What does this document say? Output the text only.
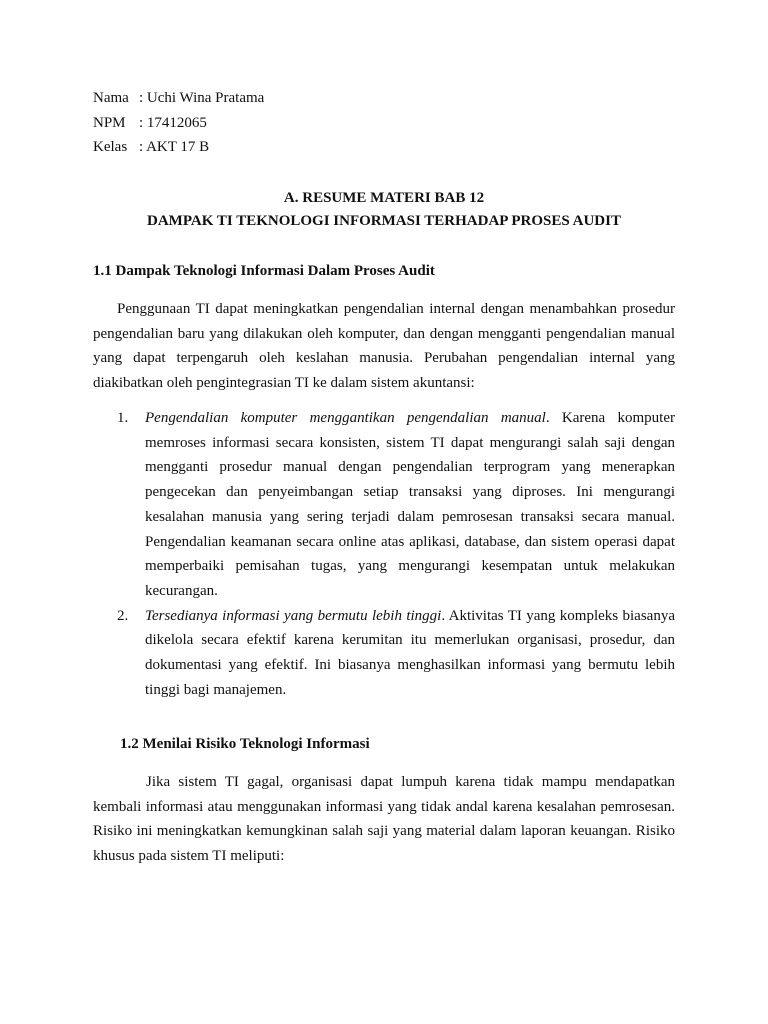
Nama : Uchi Wina Pratama
NPM : 17412065
Kelas : AKT 17 B
A. RESUME MATERI BAB 12
DAMPAK TI TEKNOLOGI INFORMASI TERHADAP PROSES AUDIT
1.1 Dampak Teknologi Informasi Dalam Proses Audit

Penggunaan TI dapat meningkatkan pengendalian internal dengan menambahkan prosedur pengendalian baru yang dilakukan oleh komputer, dan dengan mengganti pengendalian manual yang dapat terpengaruh oleh keslahan manusia. Perubahan pengendalian internal yang diakibatkan oleh pengintegrasian TI ke dalam sistem akuntansi:

1. Pengendalian komputer menggantikan pengendalian manual. Karena komputer memroses informasi secara konsisten, sistem TI dapat mengurangi salah saji dengan mengganti prosedur manual dengan pengendalian terprogram yang menerapkan pengecekan dan penyeimbangan setiap transaksi yang diproses. Ini mengurangi kesalahan manusia yang sering terjadi dalam pemrosesan transaksi secara manual. Pengendalian keamanan secara online atas aplikasi, database, dan sistem operasi dapat memperbaiki pemisahan tugas, yang mengurangi kesempatan untuk melakukan kecurangan.
2. Tersedianya informasi yang bermutu lebih tinggi. Aktivitas TI yang kompleks biasanya dikelola secara efektif karena kerumitan itu memerlukan organisasi, prosedur, dan dokumentasi yang efektif. Ini biasanya menghasilkan informasi yang bermutu lebih tinggi bagi manajemen.
1.2 Menilai Risiko Teknologi Informasi

Jika sistem TI gagal, organisasi dapat lumpuh karena tidak mampu mendapatkan kembali informasi atau menggunakan informasi yang tidak andal karena kesalahan pemrosesan. Risiko ini meningkatkan kemungkinan salah saji yang material dalam laporan keuangan. Risiko khusus pada sistem TI meliputi:
